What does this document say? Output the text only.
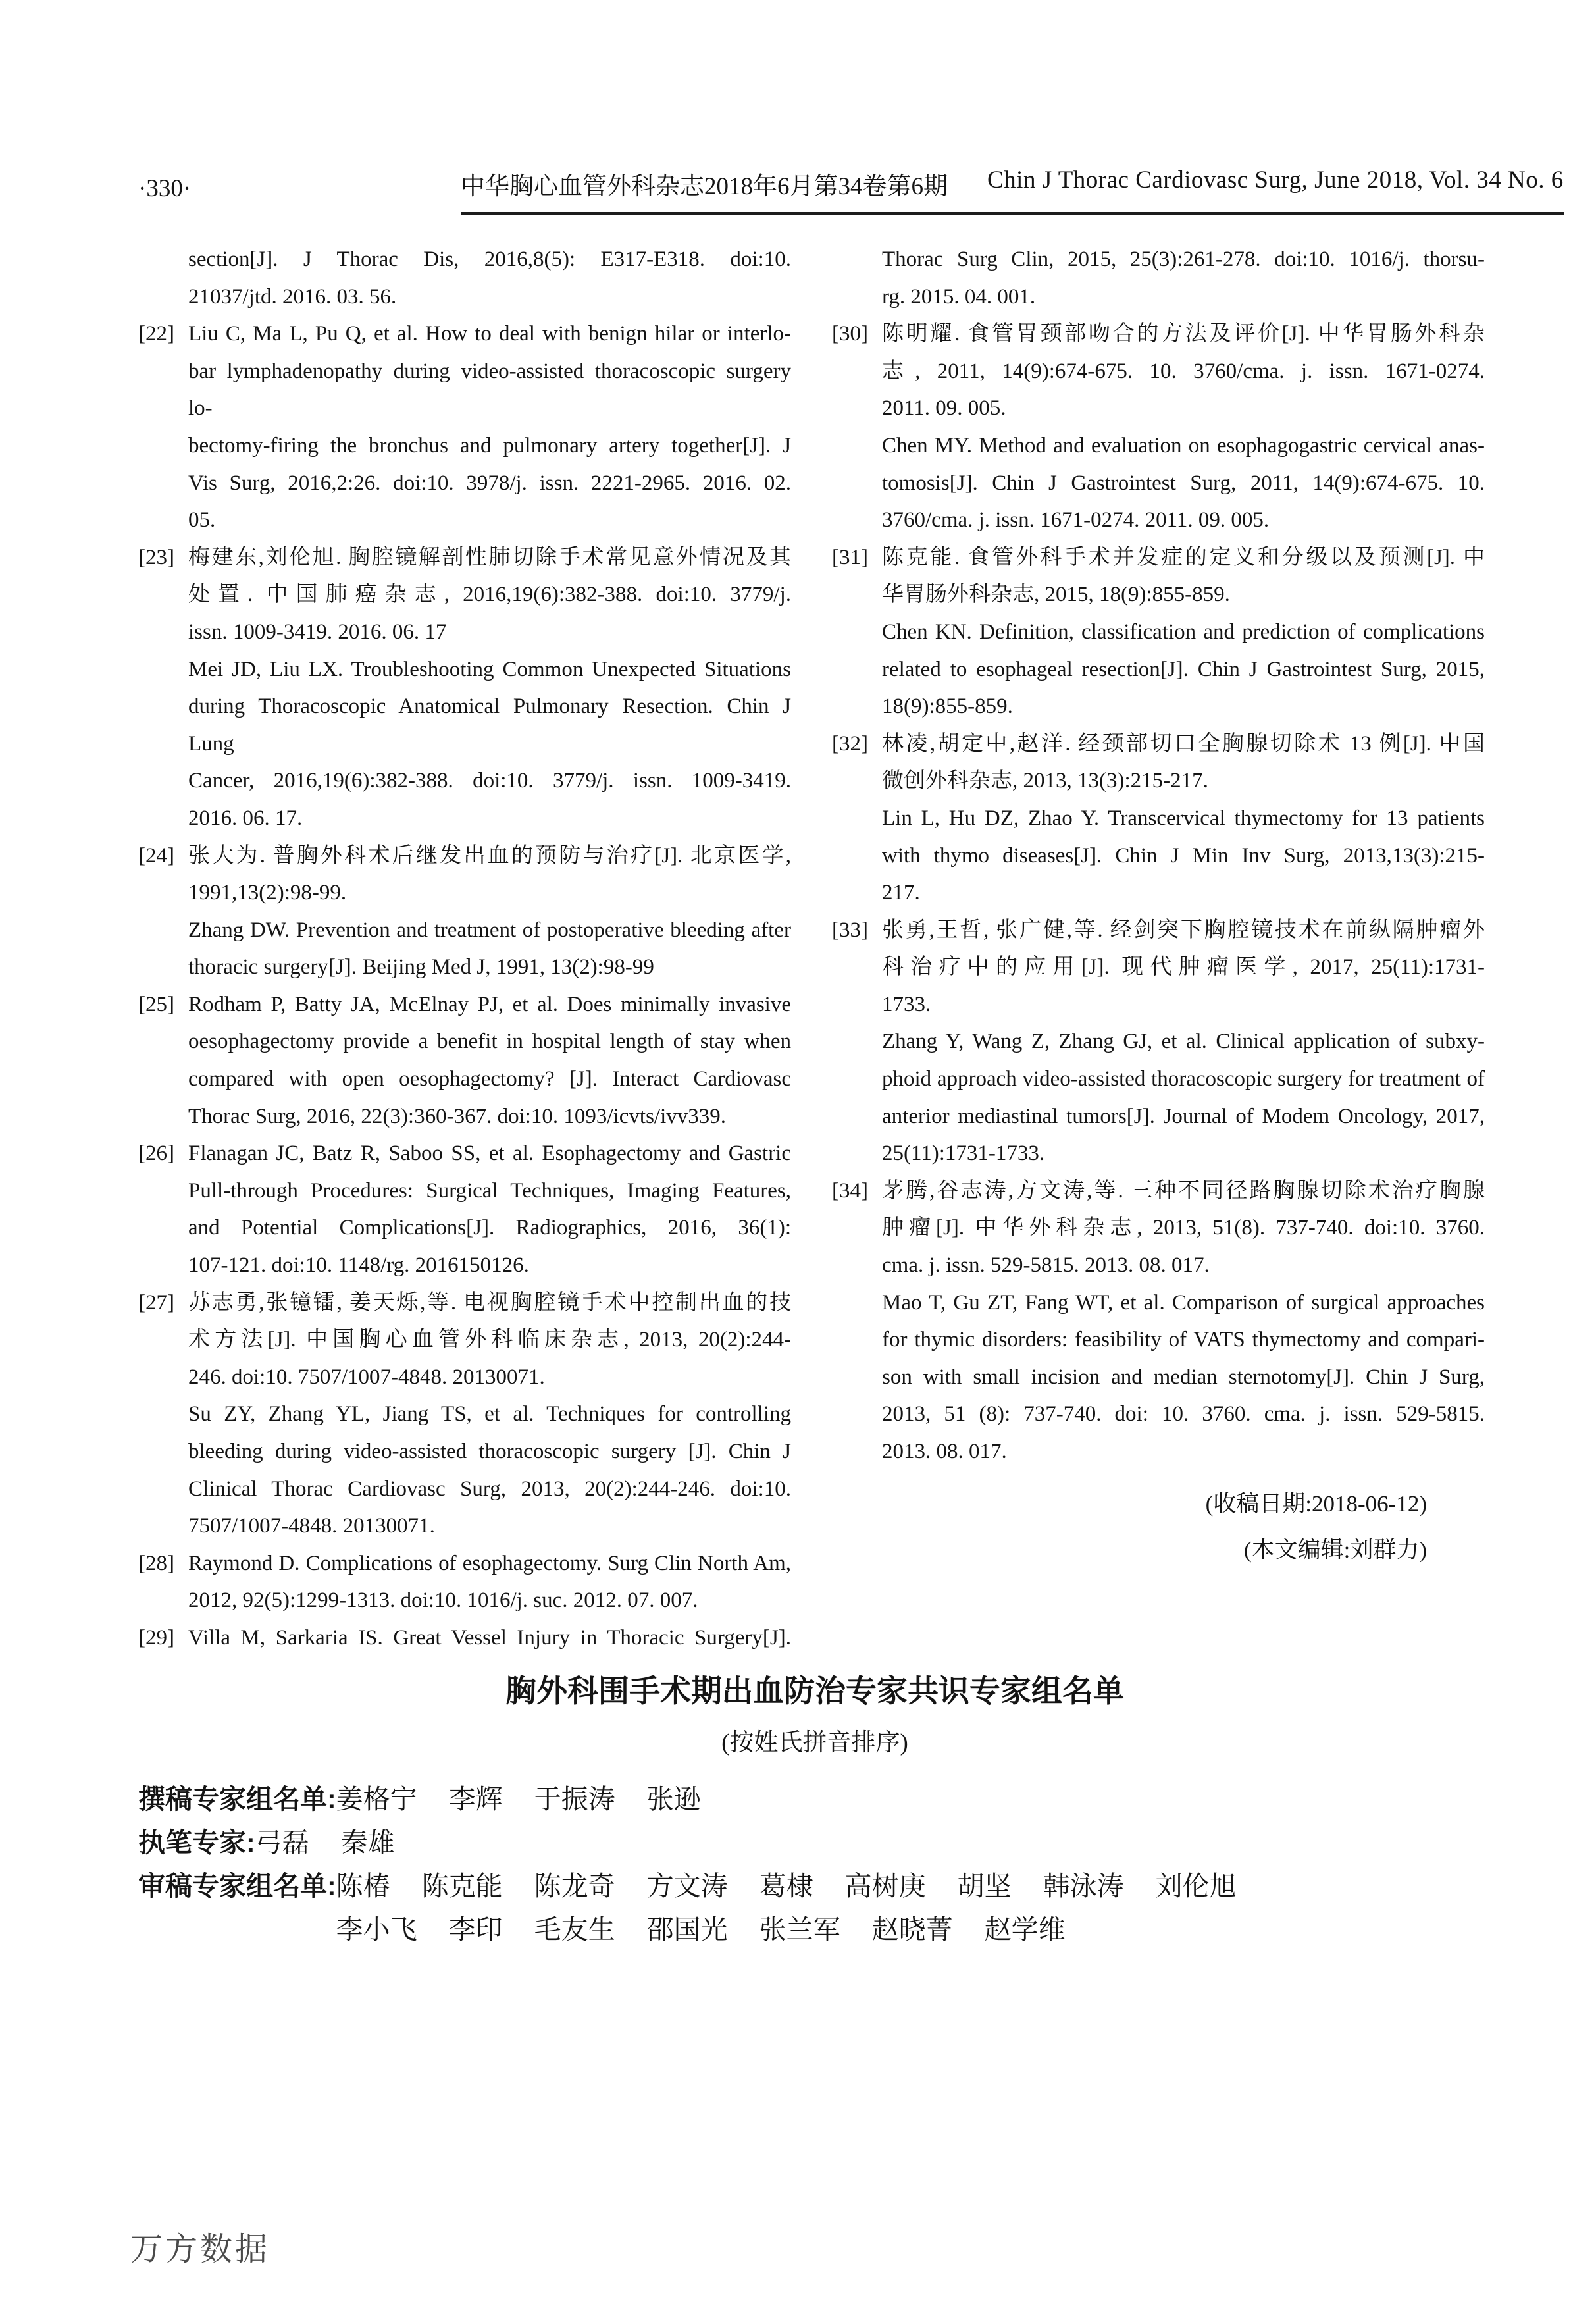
·330·	中华胸心血管外科杂志2018年6月第34卷第6期 Chin J Thorac Cardiovasc Surg, June 2018, Vol. 34 No. 6
section[J]. J Thorac Dis, 2016,8(5): E317-E318. doi:10.
21037/jtd. 2016. 03. 56.
[22] Liu C, Ma L, Pu Q, et al. How to deal with benign hilar or interlo-
bar lymphadenopathy during video-assisted thoracoscopic surgery lo-
bectomy-firing the bronchus and pulmonary artery together[J]. J
Vis Surg, 2016,2:26. doi:10. 3978/j. issn. 2221-2965. 2016. 02.
05.
[23] 梅建东,刘伦旭. 胸腔镜解剖性肺切除手术常见意外情况及其
处置. 中国肺癌杂志, 2016,19(6):382-388. doi:10. 3779/j.
issn. 1009-3419. 2016. 06. 17
Mei JD, Liu LX. Troubleshooting Common Unexpected Situations
during Thoracoscopic Anatomical Pulmonary Resection. Chin J Lung
Cancer, 2016,19(6):382-388. doi:10. 3779/j. issn. 1009-3419.
2016. 06. 17.
[24] 张大为. 普胸外科术后继发出血的预防与治疗[J]. 北京医学,
1991,13(2):98-99.
Zhang DW. Prevention and treatment of postoperative bleeding after
thoracic surgery[J]. Beijing Med J, 1991, 13(2):98-99
[25] Rodham P, Batty JA, McElnay PJ, et al. Does minimally invasive
oesophagectomy provide a benefit in hospital length of stay when
compared with open oesophagectomy? [J]. Interact Cardiovasc
Thorac Surg, 2016, 22(3):360-367. doi:10. 1093/icvts/ivv339.
[26] Flanagan JC, Batz R, Saboo SS, et al. Esophagectomy and Gastric
Pull-through Procedures: Surgical Techniques, Imaging Features,
and Potential Complications[J]. Radiographics, 2016, 36(1):
107-121. doi:10. 1148/rg. 2016150126.
[27] 苏志勇,张镱镭, 姜天烁,等. 电视胸腔镜手术中控制出血的技
术方法[J]. 中国胸心血管外科临床杂志, 2013, 20(2):244-
246. doi:10. 7507/1007-4848. 20130071.
Su ZY, Zhang YL, Jiang TS, et al. Techniques for controlling
bleeding during video-assisted thoracoscopic surgery [J]. Chin J
Clinical Thorac Cardiovasc Surg, 2013, 20(2):244-246. doi:10.
7507/1007-4848. 20130071.
[28] Raymond D. Complications of esophagectomy. Surg Clin North Am,
2012, 92(5):1299-1313. doi:10. 1016/j. suc. 2012. 07. 007.
[29] Villa M, Sarkaria IS. Great Vessel Injury in Thoracic Surgery[J].
Thorac Surg Clin, 2015, 25(3):261-278. doi:10. 1016/j. thorsu-
rg. 2015. 04. 001.
[30] 陈明耀. 食管胃颈部吻合的方法及评价[J]. 中华胃肠外科杂
志, 2011, 14(9):674-675. 10. 3760/cma. j. issn. 1671-0274.
2011. 09. 005.
Chen MY. Method and evaluation on esophagogastric cervical anas-
tomosis[J]. Chin J Gastrointest Surg, 2011, 14(9):674-675. 10.
3760/cma. j. issn. 1671-0274. 2011. 09. 005.
[31] 陈克能. 食管外科手术并发症的定义和分级以及预测[J]. 中
华胃肠外科杂志, 2015, 18(9):855-859.
Chen KN. Definition, classification and prediction of complications
related to esophageal resection[J]. Chin J Gastrointest Surg, 2015,
18(9):855-859.
[32] 林凌,胡定中,赵洋. 经颈部切口全胸腺切除术 13 例[J]. 中国
微创外科杂志, 2013, 13(3):215-217.
Lin L, Hu DZ, Zhao Y. Transcervical thymectomy for 13 patients
with thymo diseases[J]. Chin J Min Inv Surg, 2013,13(3):215-
217.
[33] 张勇,王哲, 张广健,等. 经剑突下胸腔镜技术在前纵隔肿瘤外
科治疗中的应用[J]. 现代肿瘤医学, 2017, 25(11):1731-
1733.
Zhang Y, Wang Z, Zhang GJ, et al. Clinical application of subxy-
phoid approach video-assisted thoracoscopic surgery for treatment of
anterior mediastinal tumors[J]. Journal of Modem Oncology, 2017,
25(11):1731-1733.
[34] 茅腾,谷志涛,方文涛,等. 三种不同径路胸腺切除术治疗胸腺
肿瘤[J]. 中华外科杂志, 2013, 51(8). 737-740. doi:10. 3760.
cma. j. issn. 529-5815. 2013. 08. 017.
Mao T, Gu ZT, Fang WT, et al. Comparison of surgical approaches
for thymic disorders: feasibility of VATS thymectomy and compari-
son with small incision and median sternotomy[J]. Chin J Surg,
2013, 51 (8): 737-740. doi: 10. 3760. cma. j. issn. 529-5815.
2013. 08. 017.
(收稿日期:2018-06-12)
(本文编辑:刘群力)
胸外科围手术期出血防治专家共识专家组名单
(按姓氏拼音排序)
撰稿专家组名单: 姜格宁 李辉 于振涛 张逊
执笔专家: 弓磊 秦雄
审稿专家组名单: 陈椿 陈克能 陈龙奇 方文涛 葛棣 高树庚 胡坚 韩泳涛 刘伦旭
李小飞 李印 毛友生 邵国光 张兰军 赵晓菁 赵学维
万方数据
